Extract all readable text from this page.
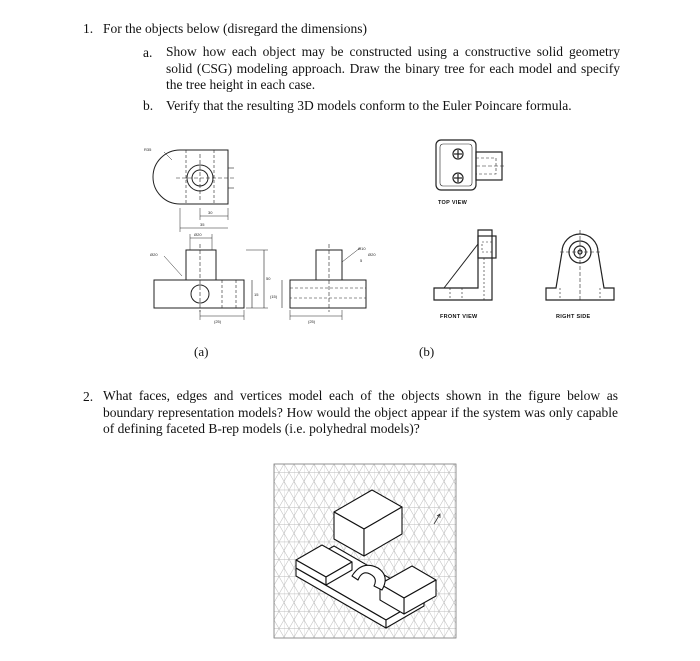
1. For the objects below (disregard the dimensions)
a. Show how each object may be constructed using a constructive solid geometry solid (CSG) modeling approach. Draw the binary tree for each model and specify the tree height in each case.
b. Verify that the resulting 3D models conform to the Euler Poincare formula.
R35
30
35
Ø20
Ø20
(25)
15
50
(15)
(25)
Ø10
Ø20
5
TOP VIEW
FRONT VIEW	RIGHT SIDE
(a)	(b)
2. What faces, edges and vertices model each of the objects shown in the figure below as boundary representation models? How would the object appear if the system was only capable of defining faceted B-rep models (i.e. polyhedral models)?
